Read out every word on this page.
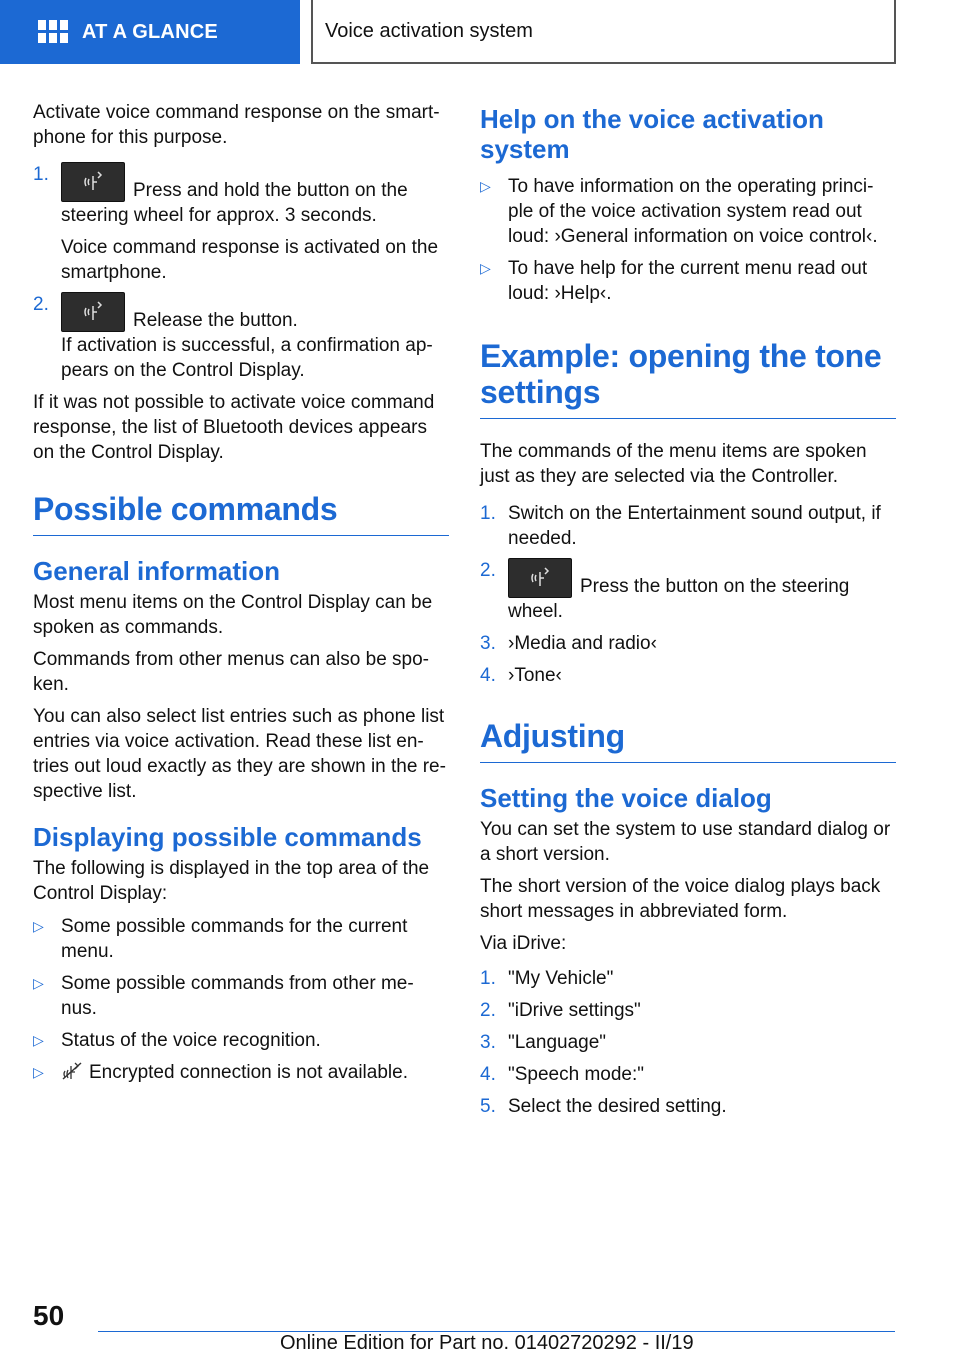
AT A GLANCE	Voice activation system

Activate voice command response on the smart-phone for this purpose.

1.

Press and hold the button on the steering wheel for approx. 3 seconds.

Voice command response is activated on the smartphone.

2.

Release the button.

If activation is successful, a confirmation ap-pears on the Control Display.

If it was not possible to activate voice command response, the list of Bluetooth devices appears on the Control Display.

Possible commands
General information

Most menu items on the Control Display can be spoken as commands.

Commands from other menus can also be spo-ken.

You can also select list entries such as phone list entries via voice activation. Read these list en-tries out loud exactly as they are shown in the re-spective list.

Displaying possible commands

The following is displayed in the top area of the Control Display:

▷ Some possible commands for the current menu.
▷ Some possible commands from other me-nus.
▷ Status of the voice recognition.
▷	Encrypted connection is not available.
Help on the voice activation system
▷ To have information on the operating princi-ple of the voice activation system read out loud: ›General information on voice control‹.
▷ To have help for the current menu read out loud: ›Help‹.
Example: opening the tone settings

The commands of the menu items are spoken just as they are selected via the Controller.

1. Switch on the Entertainment sound output, if needed.
2.
Press the button on the steering wheel.
3. ›Media and radio‹
4. ›Tone‹
Adjusting
Setting the voice dialog

You can set the system to use standard dialog or a short version.

The short version of the voice dialog plays back short messages in abbreviated form.

Via iDrive:

1. "My Vehicle"
2. "iDrive settings"
3. "Language"
4. "Speech mode:"
5. Select the desired setting.
50
Online Edition for Part no. 01402720292 - II/19
